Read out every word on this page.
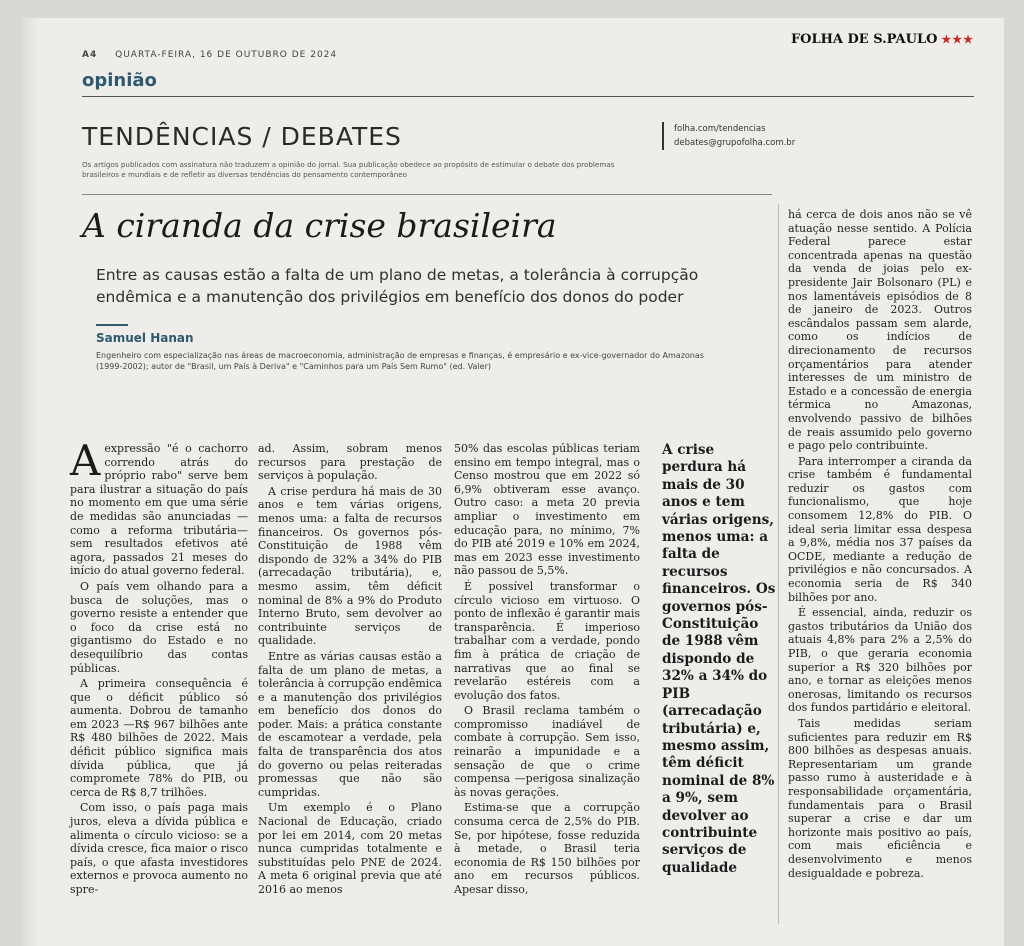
A4 QUARTA-FEIRA, 16 DE OUTUBRO DE 2024
FOLHA DE S.PAULO ★★★
opinião
TENDÊNCIAS / DEBATES
Os artigos publicados com assinatura não traduzem a opinião do jornal. Sua publicação obedece ao propósito de estimular o debate dos problemas brasileiros e mundiais e de refletir as diversas tendências do pensamento contemporâneo
folha.com/tendencias
debates@grupofolha.com.br
A ciranda da crise brasileira
Entre as causas estão a falta de um plano de metas, a tolerância à corrupção endêmica e a manutenção dos privilégios em benefício dos donos do poder
Samuel Hanan
Engenheiro com especialização nas áreas de macroeconomia, administração de empresas e finanças, é empresário e ex-vice-governador do Amazonas (1999-2002); autor de "Brasil, um País à Deriva" e "Caminhos para um País Sem Rumo" (ed. Valer)

Aexpressão "é o cachorro correndo atrás do próprio rabo" serve bem para ilustrar a situação do país no momento em que uma série de medidas são anunciadas —como a reforma tributária— sem resultados efetivos até agora, passados 21 meses do início do atual governo federal.

O país vem olhando para a busca de soluções, mas o governo resiste a entender que o foco da crise está no gigantismo do Estado e no desequilíbrio das contas públicas.

A primeira consequência é que o déficit público só aumenta. Dobrou de tamanho em 2023 —R$ 967 bilhões ante R$ 480 bilhões de 2022. Mais déficit público significa mais dívida pública, que já compromete 78% do PIB, ou cerca de R$ 8,7 trilhões.

Com isso, o país paga mais juros, eleva a dívida pública e alimenta o círculo vicioso: se a dívida cresce, fica maior o risco país, o que afasta investidores externos e provoca aumento no spre-

ad. Assim, sobram menos recursos para prestação de serviços à população.

A crise perdura há mais de 30 anos e tem várias origens, menos uma: a falta de recursos financeiros. Os governos pós-Constituição de 1988 vêm dispondo de 32% a 34% do PIB (arrecadação tributária), e, mesmo assim, têm déficit nominal de 8% a 9% do Produto Interno Bruto, sem devolver ao contribuinte serviços de qualidade.

Entre as várias causas estão a falta de um plano de metas, a tolerância à corrupção endêmica e a manutenção dos privilégios em benefício dos donos do poder. Mais: a prática constante de escamotear a verdade, pela falta de transparência dos atos do governo ou pelas reiteradas promessas que não são cumpridas.

Um exemplo é o Plano Nacional de Educação, criado por lei em 2014, com 20 metas nunca cumpridas totalmente e substituídas pelo PNE de 2024. A meta 6 original previa que até 2016 ao menos

50% das escolas públicas teriam ensino em tempo integral, mas o Censo mostrou que em 2022 só 6,9% obtiveram esse avanço. Outro caso: a meta 20 previa ampliar o investimento em educação para, no mínimo, 7% do PIB até 2019 e 10% em 2024, mas em 2023 esse investimento não passou de 5,5%.

É possível transformar o círculo vicioso em virtuoso. O ponto de inflexão é garantir mais transparência. É imperioso trabalhar com a verdade, pondo fim à prática de criação de narrativas que ao final se revelarão estéreis com a evolução dos fatos.

O Brasil reclama também o compromisso inadiável de combate à corrupção. Sem isso, reinarão a impunidade e a sensação de que o crime compensa —perigosa sinalização às novas gerações.

Estima-se que a corrupção consuma cerca de 2,5% do PIB. Se, por hipótese, fosse reduzida à metade, o Brasil teria economia de R$ 150 bilhões por ano em recursos públicos. Apesar disso,

A crise perdura há mais de 30 anos e tem várias origens, menos uma: a falta de recursos financeiros. Os governos pós-Constituição de 1988 vêm dispondo de 32% a 34% do PIB (arrecadação tributária) e, mesmo assim, têm déficit nominal de 8% a 9%, sem devolver ao contribuinte serviços de qualidade

há cerca de dois anos não se vê atuação nesse sentido. A Polícia Federal parece estar concentrada apenas na questão da venda de joias pelo ex-presidente Jair Bolsonaro (PL) e nos lamentáveis episódios de 8 de janeiro de 2023. Outros escândalos passam sem alarde, como os indícios de direcionamento de recursos orçamentários para atender interesses de um ministro de Estado e a concessão de energia térmica no Amazonas, envolvendo passivo de bilhões de reais assumido pelo governo e pago pelo contribuinte.

Para interromper a ciranda da crise também é fundamental reduzir os gastos com funcionalismo, que hoje consomem 12,8% do PIB. O ideal seria limitar essa despesa a 9,8%, média nos 37 países da OCDE, mediante a redução de privilégios e não concursados. A economia seria de R$ 340 bilhões por ano.

É essencial, ainda, reduzir os gastos tributários da União dos atuais 4,8% para 2% a 2,5% do PIB, o que geraria economia superior a R$ 320 bilhões por ano, e tornar as eleições menos onerosas, limitando os recursos dos fundos partidário e eleitoral.

Tais medidas seriam suficientes para reduzir em R$ 800 bilhões as despesas anuais. Representariam um grande passo rumo à austeridade e à responsabilidade orçamentária, fundamentais para o Brasil superar a crise e dar um horizonte mais positivo ao país, com mais eficiência e desenvolvimento e menos desigualdade e pobreza.
